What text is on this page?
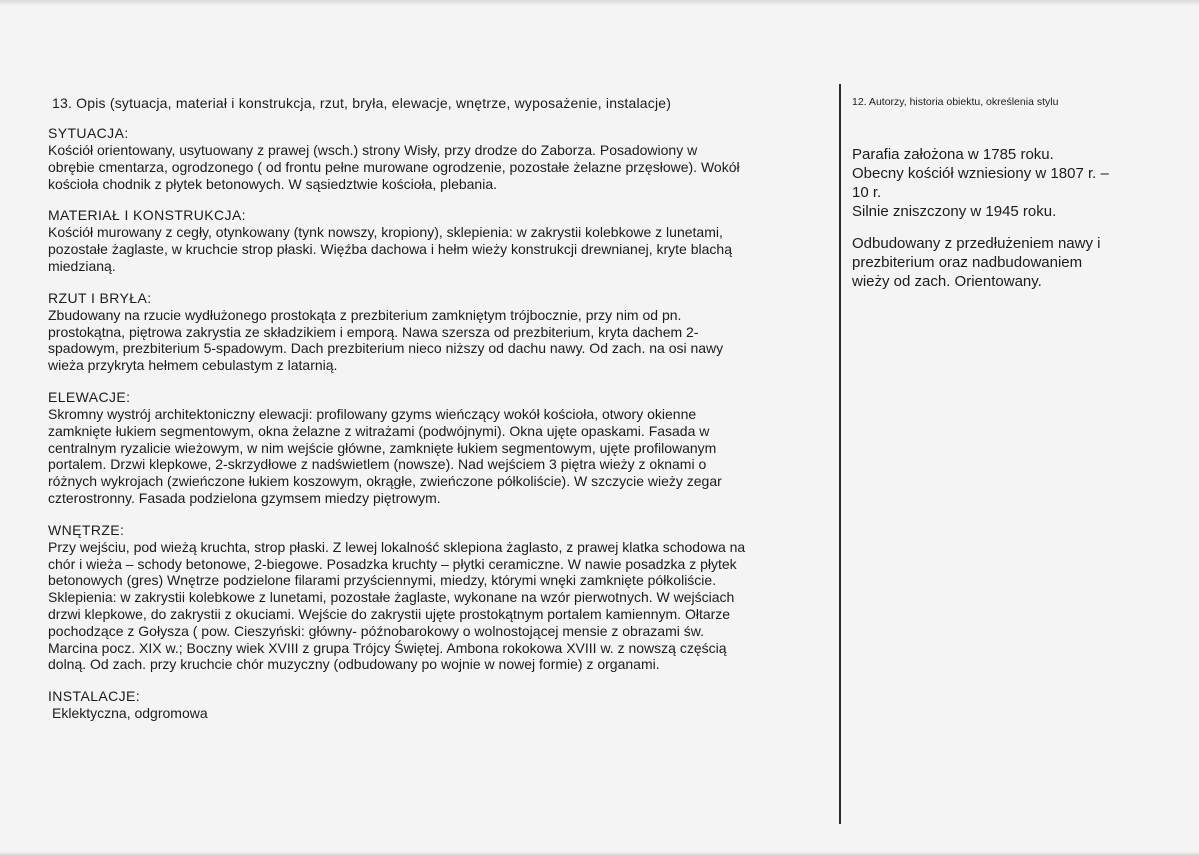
13. Opis (sytuacja, materiał i konstrukcja, rzut, bryła, elewacje, wnętrze, wyposażenie, instalacje)

SYTUACJA:

Kościół orientowany, usytuowany z prawej (wsch.) strony Wisły, przy drodze do Zaborza. Posadowiony w

obrębie cmentarza, ogrodzonego ( od frontu pełne murowane ogrodzenie, pozostałe żelazne przęsłowe). Wokół

kościoła chodnik z płytek betonowych. W sąsiedztwie kościoła, plebania.

MATERIAŁ I KONSTRUKCJA:

Kościół murowany z cegły, otynkowany (tynk nowszy, kropiony), sklepienia: w zakrystii kolebkowe z lunetami,

pozostałe żaglaste, w kruchcie strop płaski. Więźba dachowa i hełm wieży konstrukcji drewnianej, kryte blachą

miedzianą.

RZUT I BRYŁA:

Zbudowany na rzucie wydłużonego prostokąta z prezbiterium zamkniętym trójbocznie, przy nim od pn.

prostokątna, piętrowa zakrystia ze składzikiem i emporą. Nawa szersza od prezbiterium, kryta dachem 2-

spadowym, prezbiterium 5-spadowym. Dach prezbiterium nieco niższy od dachu nawy. Od zach. na osi nawy

wieża przykryta hełmem cebulastym z latarnią.

ELEWACJE:

Skromny wystrój architektoniczny elewacji: profilowany gzyms wieńczący wokół kościoła, otwory okienne

zamknięte łukiem segmentowym, okna żelazne z witrażami (podwójnymi). Okna ujęte opaskami. Fasada w

centralnym ryzalicie wieżowym, w nim wejście główne, zamknięte łukiem segmentowym, ujęte profilowanym

portalem. Drzwi klepkowe, 2-skrzydłowe z nadświetlem (nowsze). Nad wejściem 3 piętra wieży z oknami o

różnych wykrojach (zwieńczone łukiem koszowym, okrągłe, zwieńczone półkoliście). W szczycie wieży zegar

czterostronny. Fasada podzielona gzymsem miedzy piętrowym.

WNĘTRZE:

Przy wejściu, pod wieżą kruchta, strop płaski. Z lewej lokalność sklepiona żaglasto, z prawej klatka schodowa na

chór i wieża – schody betonowe, 2-biegowe. Posadzka kruchty – płytki ceramiczne. W nawie posadzka z płytek

betonowych (gres) Wnętrze podzielone filarami przyściennymi, miedzy, którymi wnęki zamknięte półkoliście.

Sklepienia: w zakrystii kolebkowe z lunetami, pozostałe żaglaste, wykonane na wzór pierwotnych. W wejściach

drzwi klepkowe, do zakrystii z okuciami. Wejście do zakrystii ujęte prostokątnym portalem kamiennym. Ołtarze

pochodzące z Gołysza ( pow. Cieszyński: główny- późnobarokowy o wolnostojącej mensie z obrazami św.

Marcina pocz. XIX w.; Boczny wiek XVIII z grupa Trójcy Świętej. Ambona rokokowa XVIII w. z nowszą częścią

dolną. Od zach. przy kruchcie chór muzyczny (odbudowany po wojnie w nowej formie) z organami.

INSTALACJE:

Eklektyczna, odgromowa

12. Autorzy, historia obiektu, określenia stylu

Parafia założona w 1785 roku.

Obecny kościół wzniesiony w 1807 r. –

10 r.

Silnie zniszczony w 1945 roku.

Odbudowany z przedłużeniem nawy i

prezbiterium oraz nadbudowaniem

wieży od zach. Orientowany.
